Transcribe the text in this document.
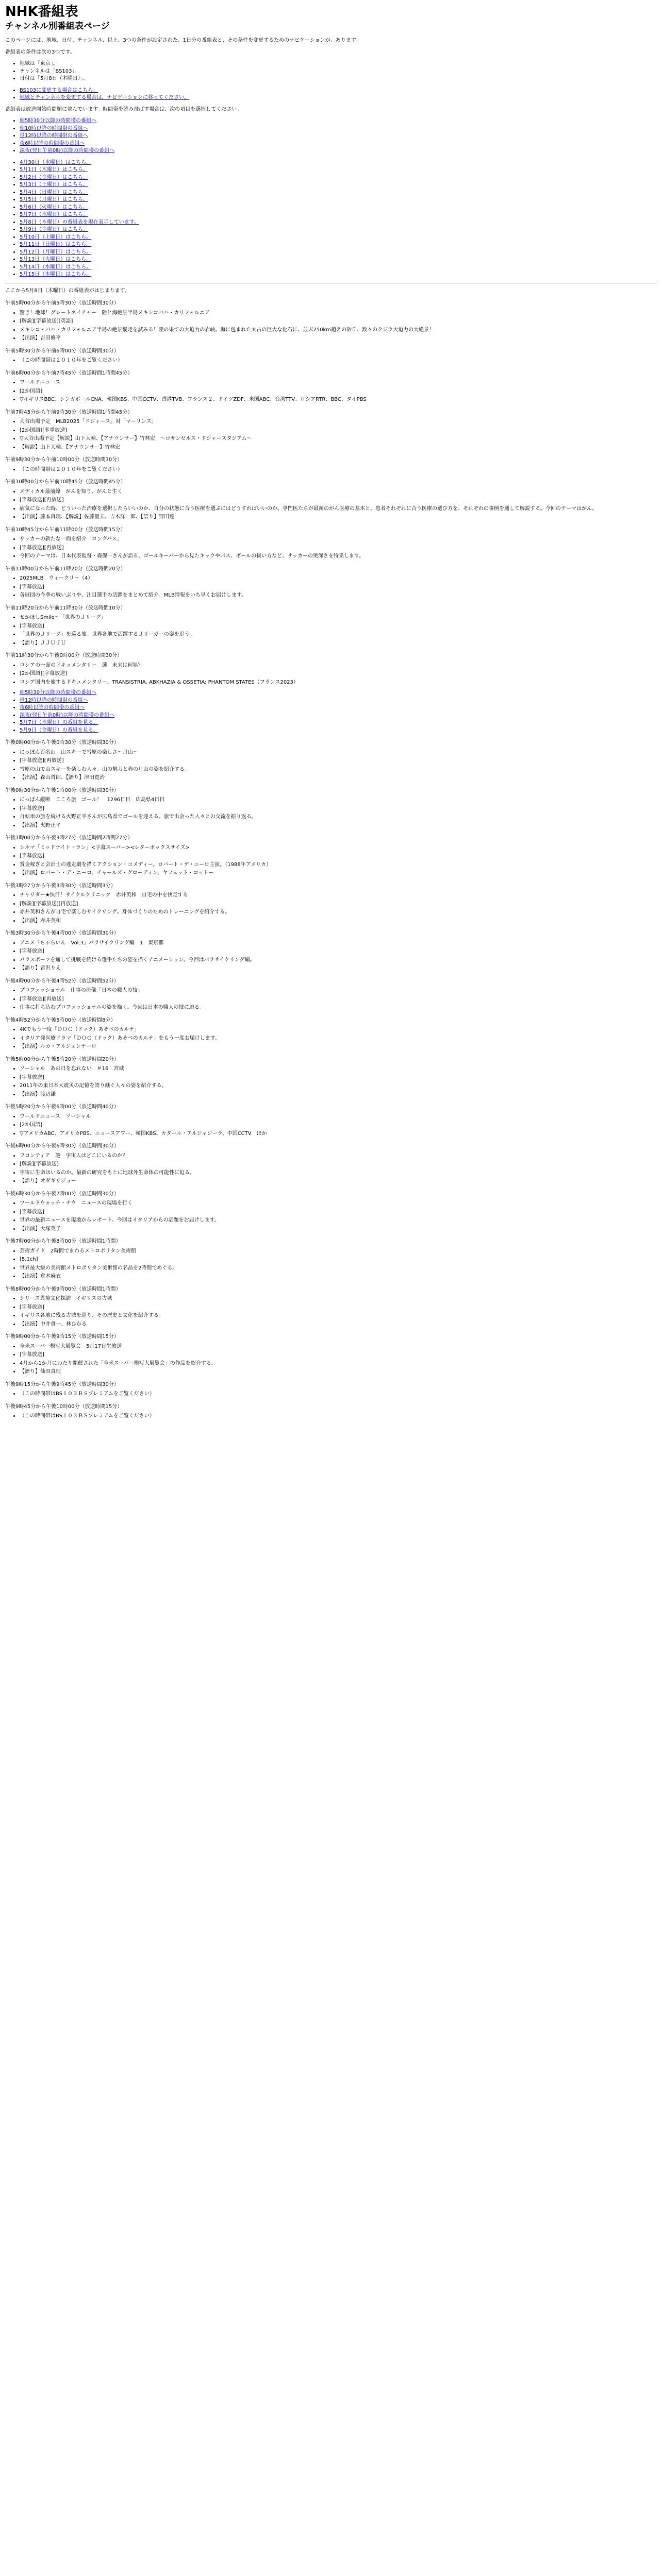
NHK番組表
チャンネル別番組表ページ

このページには、地域、日付、チャンネル、以上、3つの条件が設定された、1日分の番組表と、その条件を変更するためのナビゲーションが、あります。

番組表の条件は次の3つです。

• 地域は「東京」。
• チャンネルは「BS103」。
• 日付は「5月8日（木曜日）」。
• BS103に変更する場合はこちら。
• 地域とチャンネルを変更する場合は、ナビゲーションに移ってください。

番組表は放送開始時間順に並んでいます。時間帯を読み飛ばす場合は、次の項目を選択してください。

• 朝5時30分以降の時間帯の番組へ
• 朝10時以降の時間帯の番組へ
• 昼12時以降の時間帯の番組へ
• 夜6時以降の時間帯の番組へ
• 深夜(翌日午前0時)以降の時間帯の番組へ
• 4月30日（水曜日）はこちら。
• 5月1日（木曜日）はこちら。
• 5月2日（金曜日）はこちら。
• 5月3日（土曜日）はこちら。
• 5月4日（日曜日）はこちら。
• 5月5日（月曜日）はこちら。
• 5月6日（火曜日）はこちら。
• 5月7日（水曜日）はこちら。
• 5月8日（木曜日）の番組表を現在表示しています。
• 5月9日（金曜日）はこちら。
• 5月10日（土曜日）はこちら。
• 5月11日（日曜日）はこちら。
• 5月12日（月曜日）はこちら。
• 5月13日（火曜日）はこちら。
• 5月14日（水曜日）はこちら。
• 5月15日（木曜日）はこちら。

ここから5月8日（木曜日）の番組表がはじまります。

午前5時00分から午前5時30分（放送時間30分）

• 驚き！地球！グレートネイチャー　陸と海絶景半島メキシコバハ・カリフォルニア
• [解説][字幕放送][英語]
• メキシコ・バハ・カリフォルニア半島の絶景縦走を試みる！陸の果ての大迫力の岩峡。海に包まれた太古の巨大な化石に、並ぶ250km超えの砂丘、数々のクジラ大迫力の大絶景！
• 【出演】吉田修平

午前5時30分から午前6時00分（放送時間30分）

• （この時間帯は２０１０年をご覧ください）

午前6時00分から午前7時45分（放送時間1時間45分）

• ワールドニュース
• [2か国語]
• ▽イギリスBBC、シンガポールCNA、韓国KBS、中国CCTV、香港TVB、フランス２、ドイツZDF、米国ABC、台湾TTV、ロシアRTR、BBC、タイPBS

午前7時45分から午前9時30分（放送時間1時間45分）

• 大谷出場予定　MLB2025「ドジャース」対「マーリンズ」
• [2か国語][多重放送]
• ▽大谷出場予定【解説】山下大輔、【アナウンサー】竹林宏　～ロサンゼルス・ドジャースタジアム～
• 【解説】山下大輔、【アナウンサー】竹林宏

午前9時30分から午前10時00分（放送時間30分）

• （この時間帯は２０１０年をご覧ください）

午前10時00分から午前10時45分（放送時間45分）

• メディカル最前線　がんを知り、がんと生く
• [字幕放送][再放送]
• 病気になった時、どういった治療を選択したらいいのか、自分の状態に合う医療を選ぶにはどうすればいいのか。専門医たちが最新のがん医療の基本と、患者それぞれに合う医療の選び方を、それぞれの事例を通して解説する。今回のテーマはがん。
• 【出演】藤本真理、【解説】佐藤里夫、吉木洋一郎、【語り】野田達

午前10時45分から午前11時00分（放送時間15分）

• サッカーの新たな一面を紹介「ロングパス」
• [字幕放送][再放送]
• 今回のテーマは、日本代表監督・森保一さんが語る、ゴールキーパーから見たキックやパス、ボールの扱い方など。サッカーの奥深さを特集します。

午前11時00分から午前11時20分（放送時間20分）

• 2025MLB　ウィークリー（4）
• [字幕放送]
• 各球団の今季の戦いぶりや、注目選手の活躍をまとめて紹介。MLB情報をいち早くお届けします。

午前11時20分から午前11時30分（放送時間10分）

• せかほしSmile～「世界のＪリーグ」
• [字幕放送]
• 「世界のＪリーグ」を巡る旅。世界各地で活躍するＪリーガーの姿を追う。
• 【語り】ＪＪＵＪＵ

午前11時30分から午後0時00分（放送時間30分）

• ロシアの一面のドキュメンタリー　選　未来は何処？
• [2か国語][字幕放送]
• ロシア国内を旅するドキュメンタリー。TRANSISTRIA, ABKHAZIA & OSSETIA: PHANTOM STATES（フランス2023）
• 朝5時30分以降の時間帯の番組へ
• 昼12時以降の時間帯の番組へ
• 夜6時以降の時間帯の番組へ
• 深夜(翌日午前0時)以降の時間帯の番組へ
• 5月7日（水曜日）の番組を見る。
• 5月9日（金曜日）の番組を見る。

午後0時00分から午後0時30分（放送時間30分）

• にっぽん百名山　山スキーで雪原の楽しさ～月山～
• [字幕放送][再放送]
• 雪原の山で山スキーを楽しむ人々。山の魅力と春の月山の姿を紹介する。
• 【出演】森山哲郎、【語り】津田寛治

午後0時30分から午後1時00分（放送時間30分）

• にっぽん縦断　こころ旅　ゴール！　1296日目　広島県4日目
• [字幕放送]
• 自転車の旅を続ける火野正平さんが広島県でゴールを迎える。旅で出会った人々との交流を振り返る。
• 【出演】火野正平

午後1時00分から午後3時27分（放送時間2時間27分）

• シネマ「ミッドナイト・ラン」<字幕スーパー><レターボックスサイズ>
• [字幕放送]
• 賞金稼ぎと会計士の逃走劇を描くアクション・コメディー。ロバート・デ・ニーロ主演。（1988年アメリカ）
• 【出演】ロバート・デ・ニーロ、チャールズ・グローディン、ヤフェット・コットー

午後3時27分から午後3時30分（放送時間3分）

• チャリダー★快汗！サイクルクリニック　赤井英和　自宅の中を快走する
• [解説][字幕放送][再放送]
• 赤井英和さんが自宅で楽しむサイクリング。身体づくりのためのトレーニングを紹介する。
• 【出演】赤井英和

午後3時30分から午後4時00分（放送時間30分）

• アニメ「ちゃらいん　Vol.3」パラサイクリング編　1　東京都
• [字幕放送]
• パラスポーツを通して挑戦を続ける選手たちの姿を描くアニメーション。今回はパラサイクリング編。
• 【語り】宮沢りえ

午後4時00分から午後4時52分（放送時間52分）

• プロフェッショナル　仕事の流儀「日本の職人の技」
• [字幕放送][再放送]
• 仕事に打ち込むプロフェッショナルの姿を描く。今回は日本の職人の技に迫る。

午後4時52分から午後5時00分（放送時間8分）

• 4Kでもう一度「ＤＯＣ（ドック）あそべのカルテ」
• イタリア発医療ドラマ「ＤＯＣ（ドック）あそべのカルテ」をもう一度お届けします。
• 【出演】ルカ・アルジェンテーロ

午後5時00分から午後5時20分（放送時間20分）

• ソーシャル　あの日を忘れない　＃16　宮城
• [字幕放送]
• 2011年の東日本大震災の記憶を語り継ぐ人々の姿を紹介する。
• 【出演】渡辺謙

午後5時20分から午後6時00分（放送時間40分）

• ワールドニュース　ソーシャル
• [2か国語]
• ▽アメリカABC、アメリカPBS、ニュースアワー、韓国KBS、カタール・アルジャジーラ、中国CCTV　ほか

午後6時00分から午後6時30分（放送時間30分）

• フロンティア　謎　宇宙人はどこにいるのか？
• [解説][字幕放送]
• 宇宙に生命はいるのか。最新の研究をもとに地球外生命体の可能性に迫る。
• 【語り】オダギリジョー

午後6時30分から午後7時00分（放送時間30分）

• ワールドウォッチ・ナウ　ニュースの現場を行く
• [字幕放送]
• 世界の最新ニュースを現地からレポート。今回はイタリアからの話題をお届けします。
• 【出演】大塚英子

午後7時00分から午後8時00分（放送時間1時間）

• 芸術ガイド　2時間でまわるメトロポリタン美術館
• [5.1ch]
• 世界最大級の美術館メトロポリタン美術館の名品を2時間でめぐる。
• 【出演】倉木麻衣

午後8時00分から午後9時00分（放送時間1時間）

• シリーズ異境文化探訪　イギリスの古城
• [字幕放送]
• イギリス各地に残る古城を巡り、その歴史と文化を紹介する。
• 【出演】中井貴一、林ひかる

午後9時00分から午後9時15分（放送時間15分）

• 全米スーパー模写大展覧会　5月17日生放送
• [字幕放送]
• 4月から1か月にわたり開催された「全米スーパー模写大展覧会」の作品を紹介する。
• 【語り】仙田真理

午後9時15分から午後9時45分（放送時間30分）

• （この時間帯はBS１０３ＢＳプレミアムをご覧ください）

午後9時45分から午後10時00分（放送時間15分）

• （この時間帯はBS１０３ＢＳプレミアムをご覧ください）
